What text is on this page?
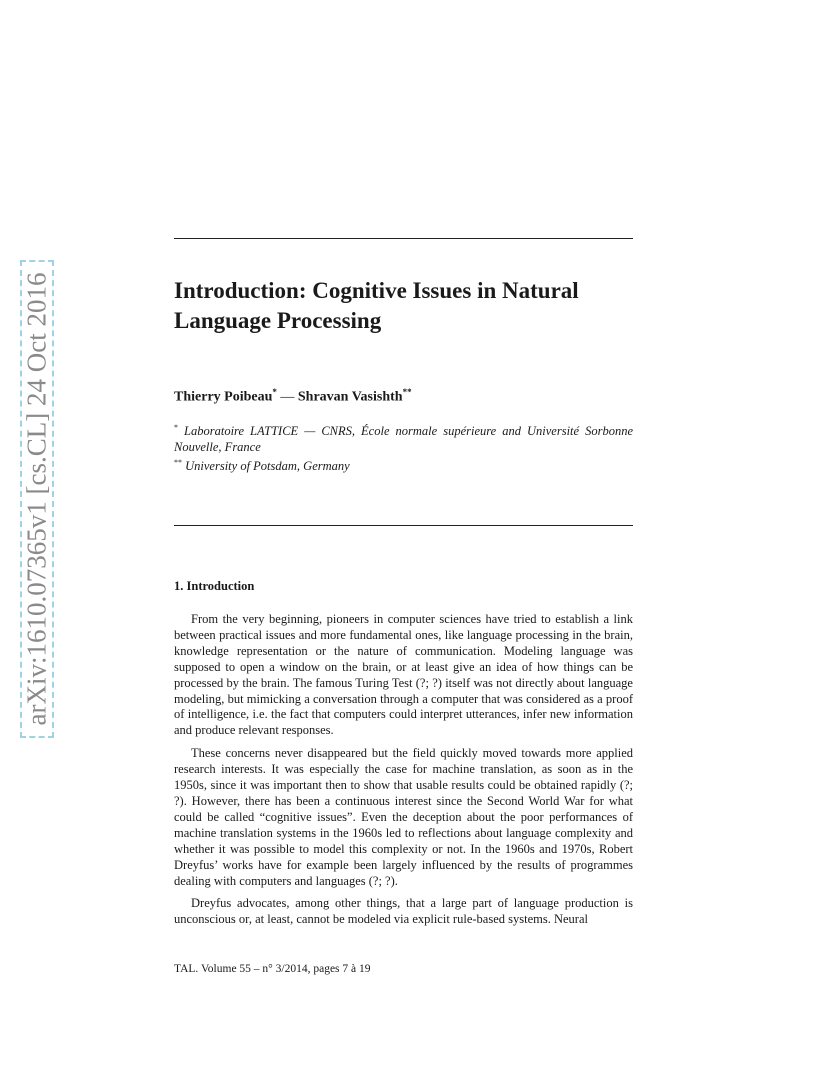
arXiv:1610.07365v1 [cs.CL] 24 Oct 2016	Introduction: Cognitive Issues in Natural
Language Processing
Thierry Poibeau* — Shravan Vasishth**
* Laboratoire LATTICE — CNRS, École normale supérieure and Université Sorbonne Nouvelle, France
** University of Potsdam, Germany
1. Introduction

From the very beginning, pioneers in computer sciences have tried to establish a link between practical issues and more fundamental ones, like language processing in the brain, knowledge representation or the nature of communication. Modeling language was supposed to open a window on the brain, or at least give an idea of how things can be processed by the brain. The famous Turing Test (?; ?) itself was not directly about language modeling, but mimicking a conversation through a computer that was considered as a proof of intelligence, i.e. the fact that computers could interpret utterances, infer new information and produce relevant responses.

These concerns never disappeared but the field quickly moved towards more applied research interests. It was especially the case for machine translation, as soon as in the 1950s, since it was important then to show that usable results could be obtained rapidly (?; ?). However, there has been a continuous interest since the Second World War for what could be called “cognitive issues”. Even the deception about the poor performances of machine translation systems in the 1960s led to reflections about language complexity and whether it was possible to model this complexity or not. In the 1960s and 1970s, Robert Dreyfus’ works have for example been largely influenced by the results of programmes dealing with computers and languages (?; ?).

Dreyfus advocates, among other things, that a large part of language production is unconscious or, at least, cannot be modeled via explicit rule-based systems. Neural

TAL. Volume 55 – n° 3/2014, pages 7 à 19
